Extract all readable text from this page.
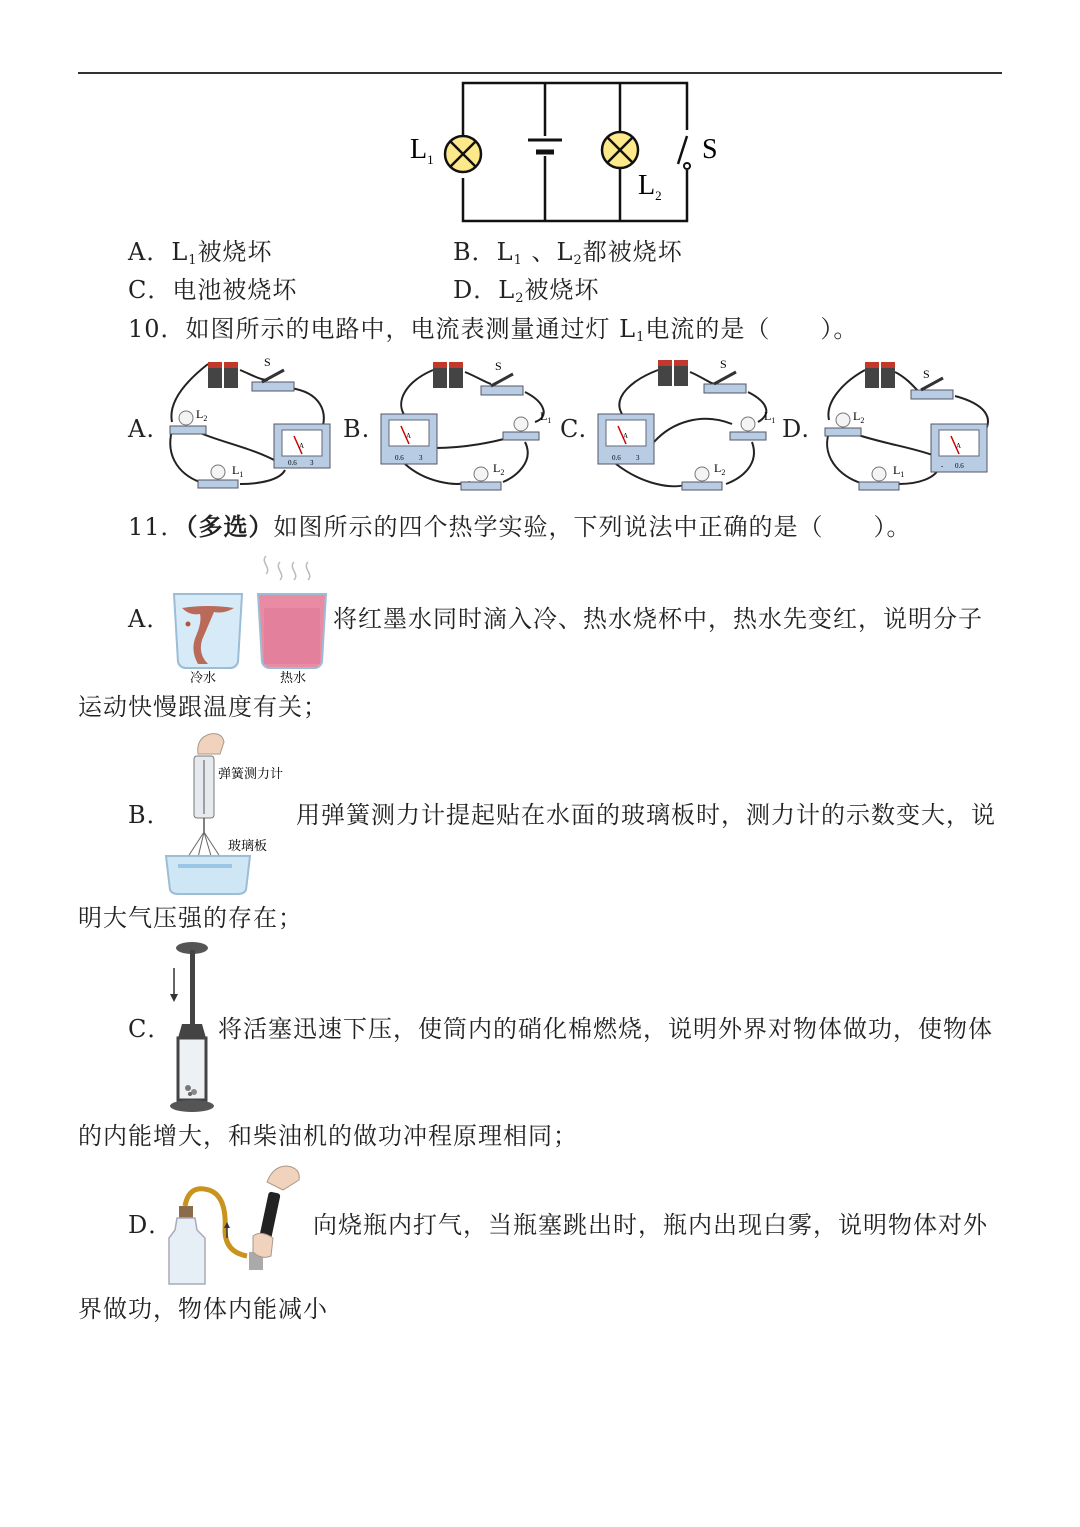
$L_1$
$L_2$
S
A．$L_1$被烧坏	B．$L_1$ 、$L_2$都被烧坏
C．电池被烧坏	D．$L_2$被烧坏
10．如图所示的电路中，电流表测量通过灯 $L_1$电流的是（　　）。
A.	B.	C.	D.
S
$L_2$
$L_1$
A
0.6 3
S
$L_1$
$L_2$
A
0.6 3
S
$L_1$
$L_2$
A
0.6 3
S
$L_2$
$L_1$
A
- 0.6
11．（多选）如图所示的四个热学实验，下列说法中正确的是（　　）。
A．
冷水	热水
将红墨水同时滴入冷、热水烧杯中，热水先变红，说明分子
运动快慢跟温度有关；
B．
弹簧测力计
玻璃板
用弹簧测力计提起贴在水面的玻璃板时，测力计的示数变大，说
明大气压强的存在；
C． 将活塞迅速下压，使筒内的硝化棉燃烧，说明外界对物体做功，使物体
的内能增大，和柴油机的做功冲程原理相同；
D．	向烧瓶内打气，当瓶塞跳出时，瓶内出现白雾，说明物体对外
界做功，物体内能减小
